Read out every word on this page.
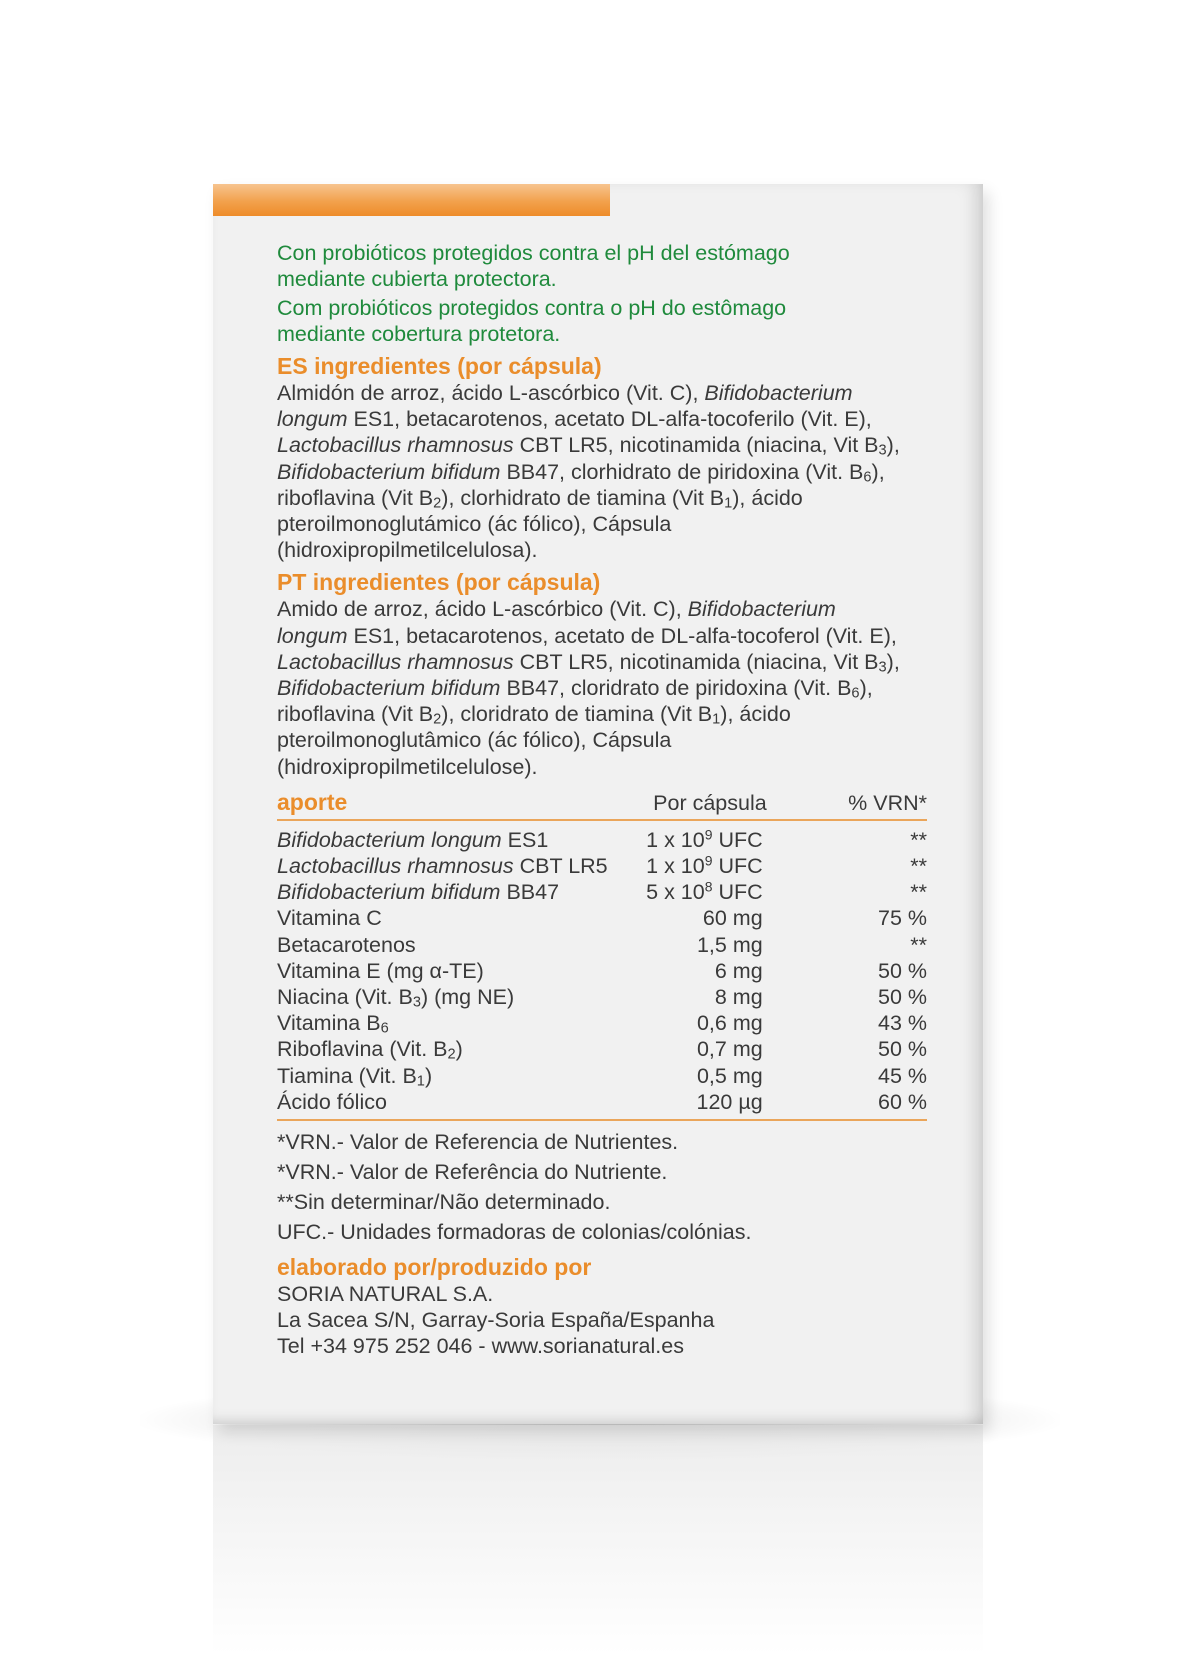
Con probióticos protegidos contra el pH del estómago
mediante cubierta protectora.

Com probióticos protegidos contra o pH do estômago
mediante cobertura protetora.

ES ingredientes (por cápsula)

Almidón de arroz, ácido L-ascórbico (Vit. C), Bifidobacterium
longum ES1, betacarotenos, acetato DL-alfa-tocoferilo (Vit. E),
Lactobacillus rhamnosus CBT LR5, nicotinamida (niacina, Vit $B_3$),
Bifidobacterium bifidum BB47, clorhidrato de piridoxina (Vit. $B_6$),
riboflavina (Vit $B_2$), clorhidrato de tiamina (Vit $B_1$), ácido
pteroilmonoglutámico (ác fólico), Cápsula
(hidroxipropilmetilcelulosa).

PT ingredientes (por cápsula)

Amido de arroz, ácido L-ascórbico (Vit. C), Bifidobacterium
longum ES1, betacarotenos, acetato de DL-alfa-tocoferol (Vit. E),
Lactobacillus rhamnosus CBT LR5, nicotinamida (niacina, Vit $B_3$),
Bifidobacterium bifidum BB47, cloridrato de piridoxina (Vit. $B_6$),
riboflavina (Vit $B_2$), cloridrato de tiamina (Vit $B_1$), ácido
pteroilmonoglutâmico (ác fólico), Cápsula
(hidroxipropilmetilcelulose).

aporte	Por cápsula	% VRN*
Bifidobacterium longum ES1	1 x $10^9$ UFC	**
Lactobacillus rhamnosus CBT LR5	1 x $10^9$ UFC	**
Bifidobacterium bifidum BB47	5 x $10^8$ UFC	**
Vitamina C	60 mg	75 %
Betacarotenos	1,5 mg	**
Vitamina E (mg α-TE)	6 mg	50 %
Niacina (Vit. $B_3$) (mg NE)	8 mg	50 %
Vitamina $B_6$	0,6 mg	43 %
Riboflavina (Vit. $B_2$)	0,7 mg	50 %
Tiamina (Vit. $B_1$)	0,5 mg	45 %
Ácido fólico	120 µg	60 %

*VRN.- Valor de Referencia de Nutrientes.

*VRN.- Valor de Referência do Nutriente.

**Sin determinar/Não determinado.

UFC.- Unidades formadoras de colonias/colónias.

elaborado por/produzido por

SORIA NATURAL S.A.

La Sacea S/N, Garray-Soria España/Espanha

Tel +34 975 252 046 - www.sorianatural.es
